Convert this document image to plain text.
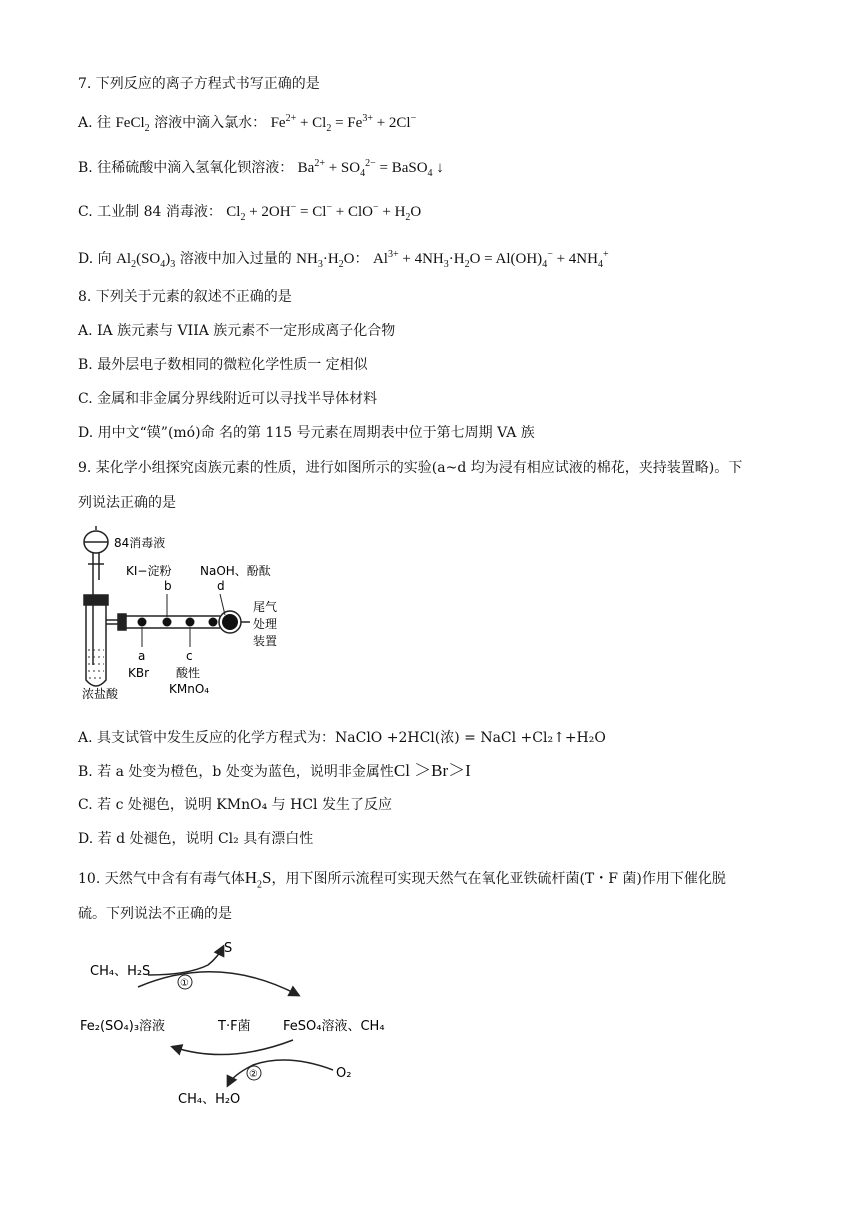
7. 下列反应的离子方程式书写正确的是
A. 往 FeCl$_2$ 溶液中滴入氯水： $Fe^{2+} + Cl_2 = Fe^{3+} + 2Cl^-$
B. 往稀硫酸中滴入氢氧化钡溶液： $Ba^{2+} + SO_4^{2-}$ = BaSO$_4$ ↓
C. 工业制 84 消毒液： $Cl_2 + 2OH^- = Cl^- + ClO^- + H_2O$
D. 向 $Al_2(SO_4)_3$ 溶液中加入过量的 $NH_3\cdot H_2O$： $Al^{3+} + 4NH_3\cdot H_2O = Al(OH)_4^- + 4NH_4^+$
8. 下列关于元素的叙述不正确的是
A. IA 族元素与 VIIA 族元素不一定形成离子化合物
B. 最外层电子数相同的微粒化学性质一 定相似
C. 金属和非金属分界线附近可以寻找半导体材料
D. 用中文“镆”(mó)命 名的第 115 号元素在周期表中位于第七周期 VA 族
9. 某化学小组探究卤族元素的性质，进行如图所示的实验(a~d 均为浸有相应试液的棉花，夹持装置略)。下
列说法正确的是
84消毒液
KI−淀粉 NaOH、酚酞
b	d
尾气
处理
装置
a
KBr
c
酸性
KMnO₄
浓盐酸
A. 具支试管中发生反应的化学方程式为：NaClO +2HCl(浓) = NaCl +Cl₂↑+H₂O
B. 若 a 处变为橙色，b 处变为蓝色，说明非金属性Cl ＞Br＞I
C. 若 c 处褪色，说明 KMnO₄ 与 HCl 发生了反应
D. 若 d 处褪色，说明 Cl₂ 具有漂白性
10. 天然气中含有有毒气体$H_2S$，用下图所示流程可实现天然气在氧化亚铁硫杆菌(T・F 菌)作用下催化脱
硫。下列说法不正确的是
S
CH₄、H₂S
①
Fe₂(SO₄)₃溶液	T·F菌 FeSO₄溶液、CH₄
②	O₂
CH₄、H₂O
